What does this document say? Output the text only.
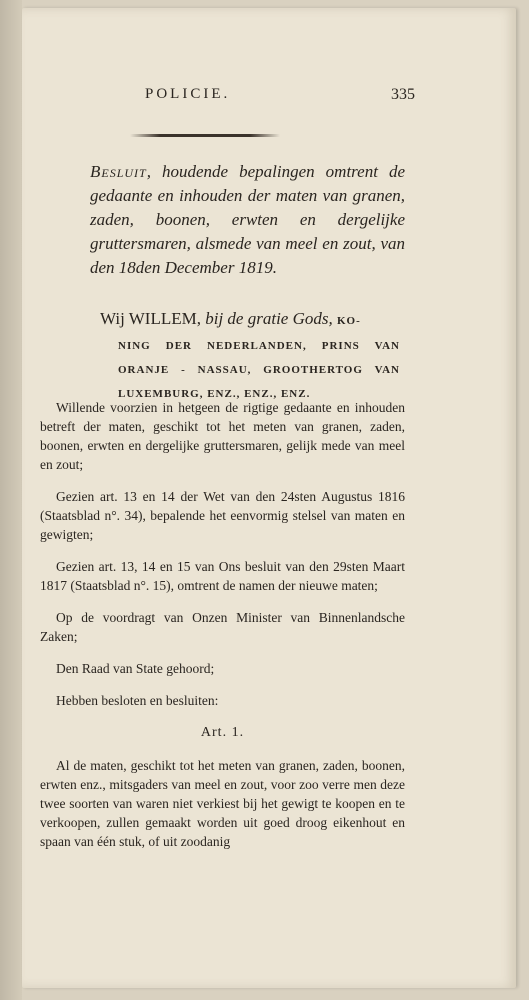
POLICIE.	335
Besluit, houdende bepalingen omtrent de gedaante en inhouden der maten van granen, zaden, boonen, erwten en dergelijke gruttersmaren, alsmede van meel en zout, van den 18den December 1819.
Wij WILLEM, bij de gratie Gods, KO-
NING DER NEDERLANDEN, PRINS VAN
ORANJE - NASSAU, GROOTHERTOG VAN
LUXEMBURG, ENZ., ENZ., ENZ.

Willende voorzien in hetgeen de rigtige gedaante en inhouden betreft der maten, geschikt tot het meten van granen, zaden, boonen, erwten en dergelijke gruttersmaren, gelijk mede van meel en zout;

Gezien art. 13 en 14 der Wet van den 24sten Augustus 1816 (Staatsblad n°. 34), bepalende het eenvormig stelsel van maten en gewigten;

Gezien art. 13, 14 en 15 van Ons besluit van den 29sten Maart 1817 (Staatsblad n°. 15), omtrent de namen der nieuwe maten;

Op de voordragt van Onzen Minister van Binnenlandsche Zaken;

Den Raad van State gehoord;

Hebben besloten en besluiten:

Art. 1.

Al de maten, geschikt tot het meten van granen, zaden, boonen, erwten enz., mitsgaders van meel en zout, voor zoo verre men deze twee soorten van waren niet verkiest bij het gewigt te koopen en te verkoopen, zullen gemaakt worden uit goed droog eikenhout en spaan van één stuk, of uit zoodanig
